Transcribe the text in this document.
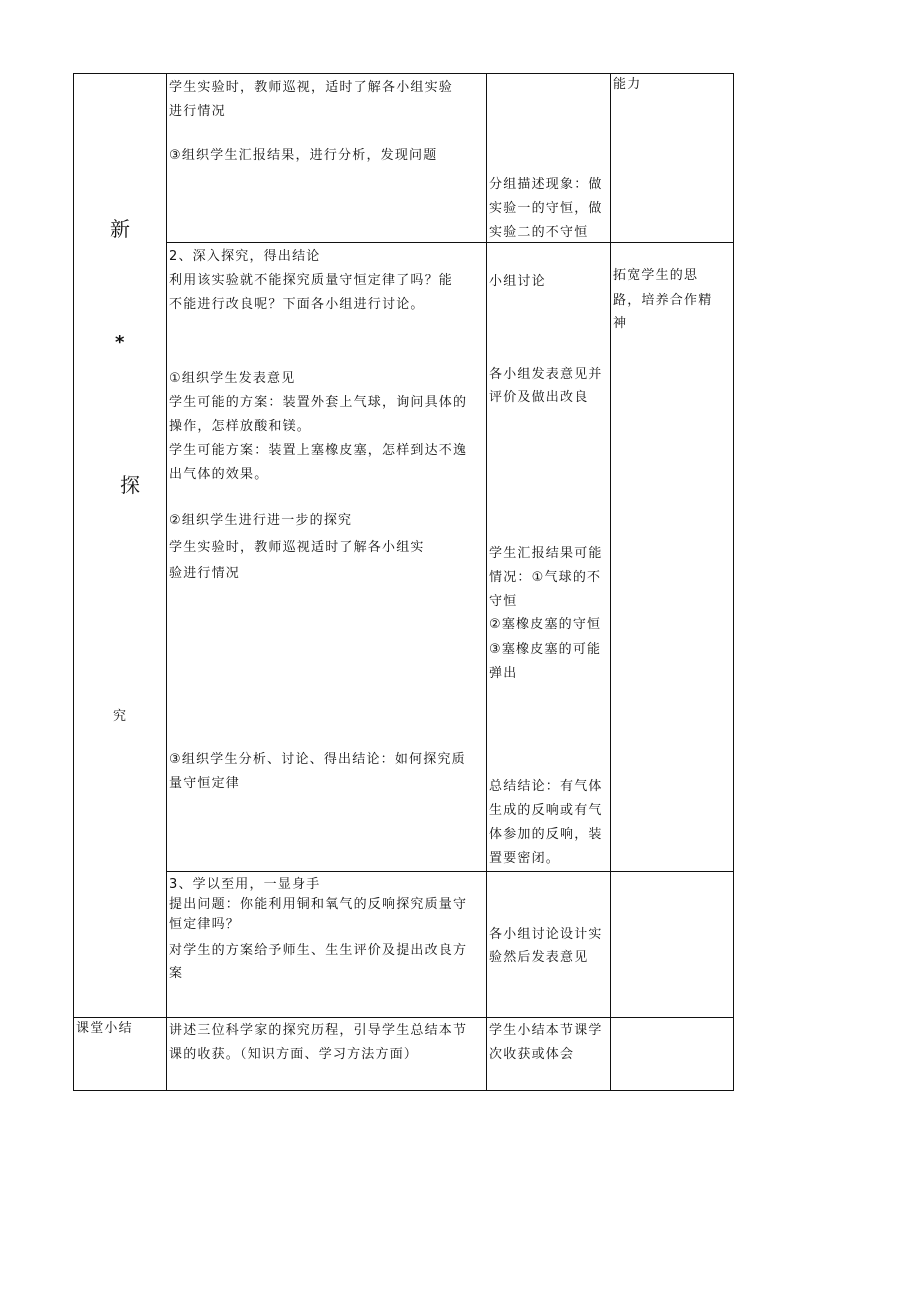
新
*
探
究
课堂小结
学生实验时，教师巡视，适时了解各小组实验
进行情况
③组织学生汇报结果，进行分析，发现问题
分组描述现象：做
实验一的守恒，做
实验二的不守恒
能力
2、深入探究，得出结论
利用该实验就不能探究质量守恒定律了吗？能
不能进行改良呢？下面各小组进行讨论。
①组织学生发表意见
学生可能的方案：装置外套上气球，询问具体的
操作，怎样放酸和镁。
学生可能方案：装置上塞橡皮塞，怎样到达不逸
出气体的效果。
②组织学生进行进一步的探究
学生实验时，教师巡视适时了解各小组实
验进行情况
③组织学生分析、讨论、得出结论：如何探究质
量守恒定律
小组讨论
各小组发表意见并
评价及做出改良
学生汇报结果可能
情况：①气球的不
守恒
②塞橡皮塞的守恒
③塞橡皮塞的可能
弹出
总结结论：有气体
生成的反响或有气
体参加的反响，装
置要密闭。
拓宽学生的思
路，培养合作精
神
3、学以至用，一显身手
提出问题：你能利用铜和氧气的反响探究质量守
恒定律吗？
对学生的方案给予师生、生生评价及提出改良方
案
各小组讨论设计实
验然后发表意见
讲述三位科学家的探究历程，引导学生总结本节
课的收获。（知识方面、学习方法方面）
学生小结本节课学
次收获或体会
